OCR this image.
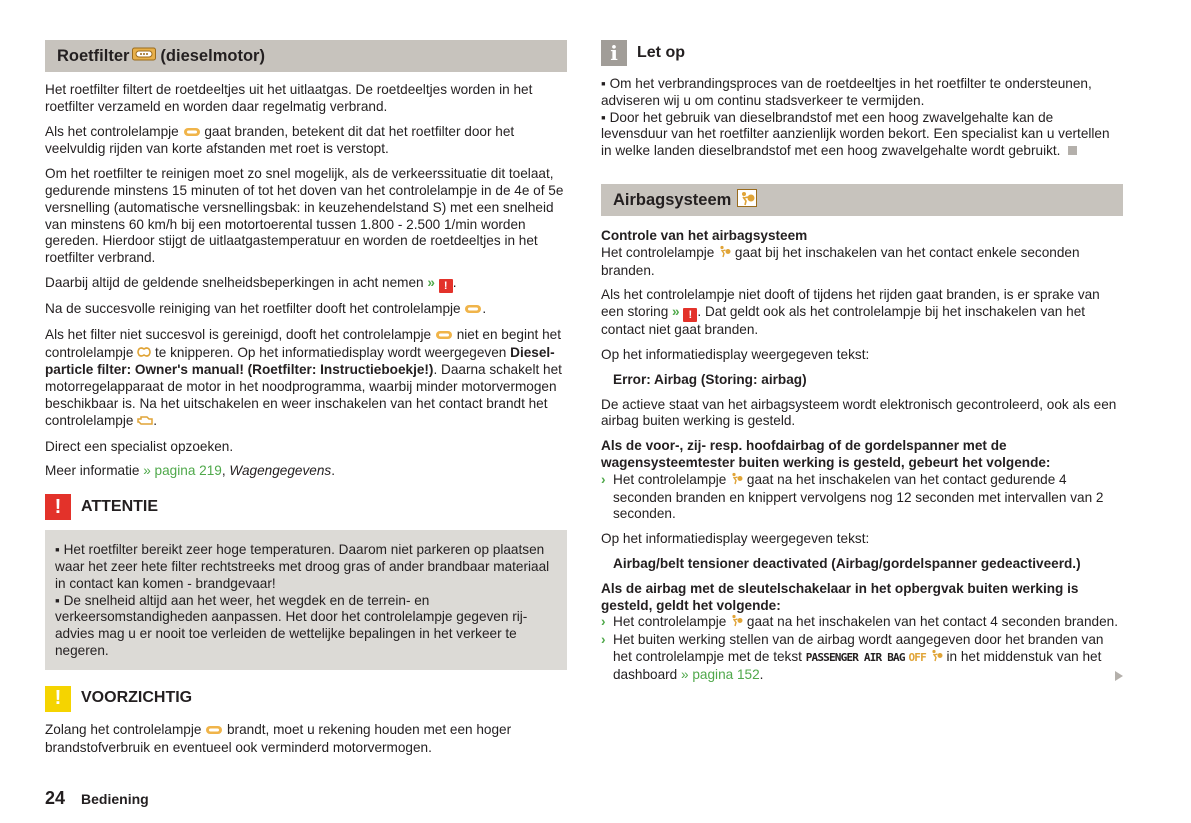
Roetfilter (dieselmotor)

Het roetfilter filtert de roetdeeltjes uit het uitlaatgas. De roetdeeltjes worden in het roetfilter verzameld en worden daar regelmatig verbrand.

Als het controlelampje gaat branden, betekent dit dat het roetfilter door het veelvuldig rijden van korte afstanden met roet is verstopt.

Om het roetfilter te reinigen moet zo snel mogelijk, als de verkeerssituatie dit toelaat, gedurende minstens 15 minuten of tot het doven van het controlelampje in de 4e of 5e versnelling (automatische versnellingsbak: in keuzehendelstand S) met een snelheid van minstens 60 km/h bij een motortoerental tussen 1.800 - 2.500 1/min worden gereden. Hierdoor stijgt de uitlaatgastemperatuur en worden de roetdeeltjes in het roetfilter verbrand.

Daarbij altijd de geldende snelheidsbeperkingen in acht nemen » ! .

Na de succesvolle reiniging van het roetfilter dooft het controlelampje .

Als het filter niet succesvol is gereinigd, dooft het controlelampje niet en begint het controlelampje te knipperen. Op het informatiedisplay wordt weergegeven Diesel-particle filter: Owner's manual! (Roetfilter: Instructieboekje!). Daarna schakelt het motorregelapparaat de motor in het noodprogramma, waarbij minder motorvermogen beschikbaar is. Na het uitschakelen en weer inschakelen van het contact brandt het controlelampje .

Direct een specialist opzoeken.

Meer informatie » pagina 219, Wagengegevens.

!	ATTENTIE
▪ Het roetfilter bereikt zeer hoge temperaturen. Daarom niet parkeren op plaatsen waar het zeer hete filter rechtstreeks met droog gras of ander brandbaar materiaal in contact kan komen - brandgevaar!
▪ De snelheid altijd aan het weer, het wegdek en de terrein- en verkeersomstandigheden aanpassen. Het door het controlelampje gegeven rij-advies mag u er nooit toe verleiden de wettelijke bepalingen in het verkeer te negeren.
!	VOORZICHTIG

Zolang het controlelampje brandt, moet u rekening houden met een hoger brandstofverbruik en eventueel ook verminderd motorvermogen.

i	Let op
▪ Om het verbrandingsproces van de roetdeeltjes in het roetfilter te ondersteunen, adviseren wij u om continu stadsverkeer te vermijden.
▪ Door het gebruik van dieselbrandstof met een hoog zwavelgehalte kan de levensduur van het roetfilter aanzienlijk worden bekort. Een specialist kan u vertellen in welke landen dieselbrandstof met een hoog zwavelgehalte wordt gebruikt.
Airbagsysteem
Controle van het airbagsysteem

Het controlelampje gaat bij het inschakelen van het contact enkele seconden branden.

Als het controlelampje niet dooft of tijdens het rijden gaat branden, is er sprake van een storing » ! . Dat geldt ook als het controlelampje bij het inschakelen van het contact niet gaat branden.

Op het informatiedisplay weergegeven tekst:

Error: Airbag (Storing: airbag)

De actieve staat van het airbagsysteem wordt elektronisch gecontroleerd, ook als een airbag buiten werking is gesteld.

Als de voor-, zij- resp. hoofdairbag of de gordelspanner met de wagensysteemtester buiten werking is gesteld, gebeurt het volgende:
› Het controlelampje gaat na het inschakelen van het contact gedurende 4 seconden branden en knippert vervolgens nog 12 seconden met intervallen van 2 seconden.

Op het informatiedisplay weergegeven tekst:

Airbag/belt tensioner deactivated (Airbag/gordelspanner gedeactiveerd.)

Als de airbag met de sleutelschakelaar in het opbergvak buiten werking is gesteld, geldt het volgende:
› Het controlelampje gaat na het inschakelen van het contact 4 seconden branden.
› Het buiten werking stellen van de airbag wordt aangegeven door het branden van het controlelampje met de tekst PASSENGER AIR BAG OFF in het middenstuk van het dashboard » pagina 152.
24 Bediening
